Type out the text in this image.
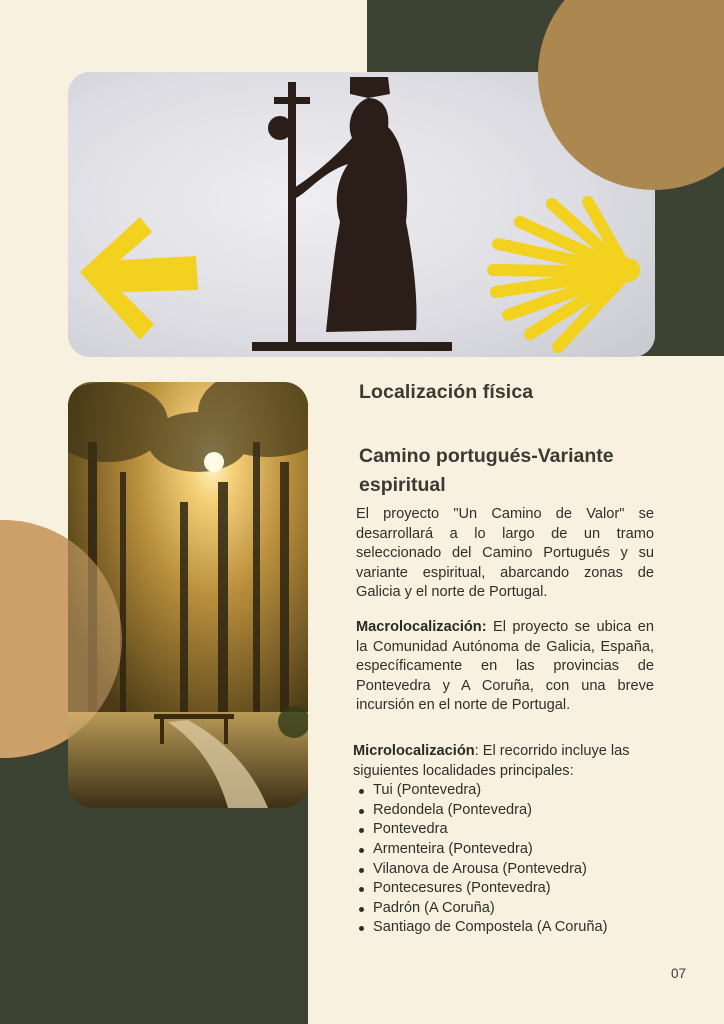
Localización física
Camino portugués-Variante espiritual

El proyecto "Un Camino de Valor" se desarrollará a lo largo de un tramo seleccionado del Camino Portugués y su variante espiritual, abarcando zonas de Galicia y el norte de Portugal.

Macrolocalización: El proyecto se ubica en la Comunidad Autónoma de Galicia, España, específicamente en las provincias de Pontevedra y A Coruña, con una breve incursión en el norte de Portugal.

Microlocalización: El recorrido incluye las siguientes localidades principales:

Tui (Pontevedra)
Redondela (Pontevedra)
Pontevedra
Armenteira (Pontevedra)
Vilanova de Arousa (Pontevedra)
Pontecesures (Pontevedra)
Padrón (A Coruña)
Santiago de Compostela (A Coruña)
07
